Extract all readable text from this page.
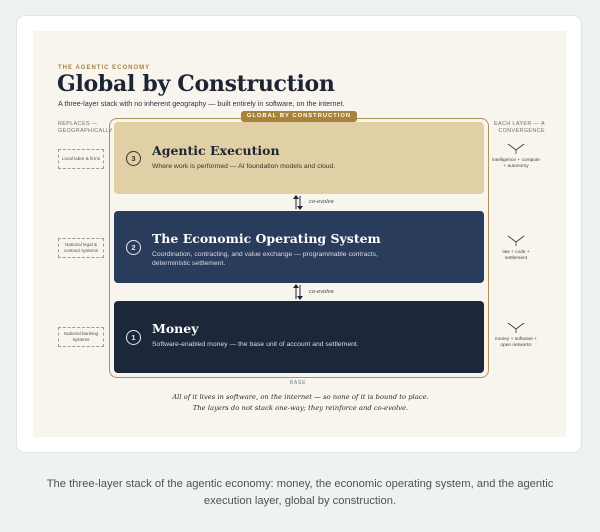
THE AGENTIC ECONOMY
Global by Construction
A three-layer stack with no inherent geography — built entirely in software, on the internet.
REPLACES — GEOGRAPHICALLY
EACH LAYER — A CONVERGENCE
GLOBAL BY CONSTRUCTION
3
Agentic Execution
Where work is performed — AI foundation models and cloud.
co-evolve
2
The Economic Operating System
Coordination, contracting, and value exchange — programmable contracts, deterministic settlement.
co-evolve
1
Money
Software-enabled money — the base unit of account and settlement.
Local labor & firms
National legal & contract systems
National banking systems
intelligence + compute + autonomy
law + code + settlement
money + software + open networks
BASE
All of it lives in software, on the internet — so none of it is bound to place.
The layers do not stack one-way; they reinforce and co-evolve.
The three-layer stack of the agentic economy: money, the economic operating system, and the agentic execution layer, global by construction.
